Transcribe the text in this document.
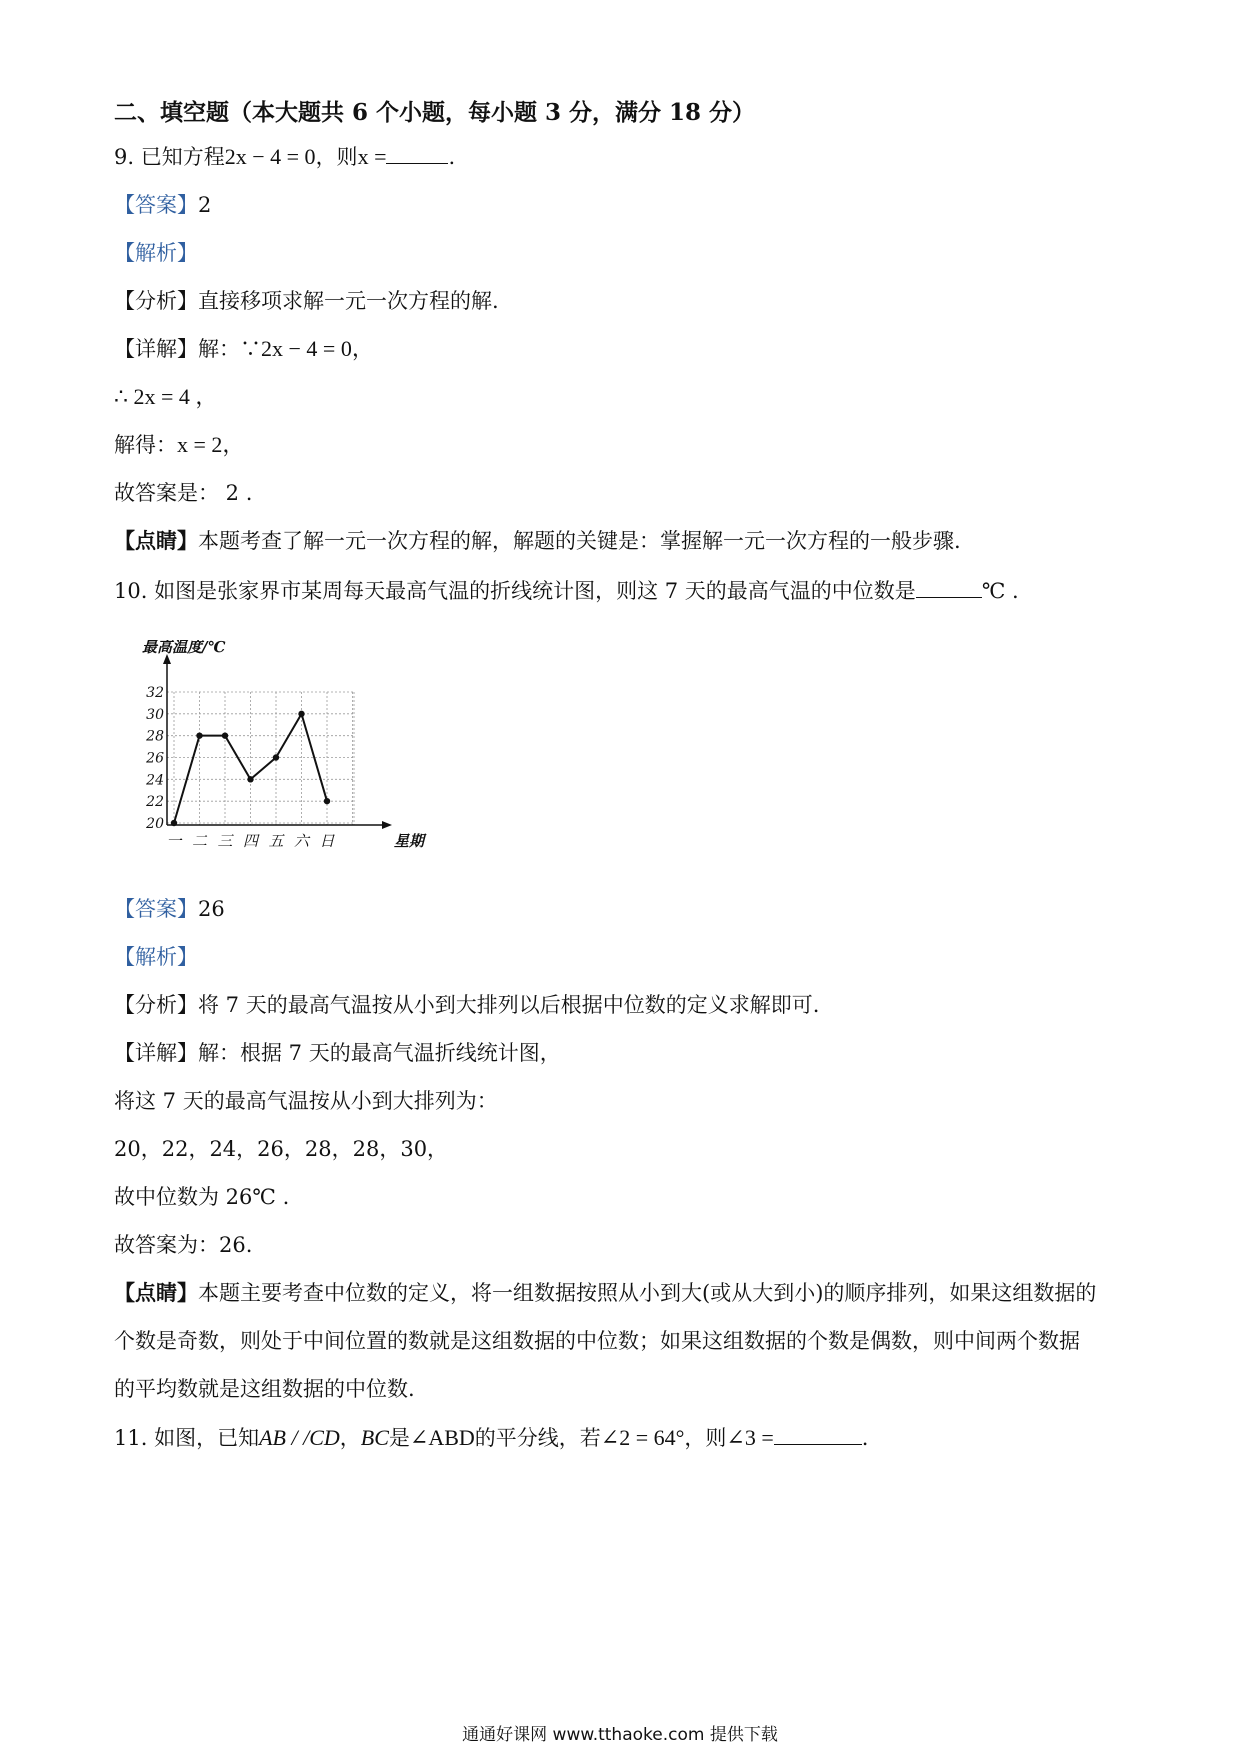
二、填空题（本大题共 6 个小题，每小题 3 分，满分 18 分）
9. 已知方程2x − 4 = 0，则x =	.
【答案】2
【解析】
【分析】直接移项求解一元一次方程的解.
【详解】解：∵2x − 4 = 0，
∴ 2x = 4 ，
解得：x = 2，
故答案是： 2 .
【点睛】本题考查了解一元一次方程的解，解题的关键是：掌握解一元一次方程的一般步骤.
10. 如图是张家界市某周每天最高气温的折线统计图，则这 7 天的最高气温的中位数是	℃ .
20
22
24
26
28
30
32
一 二 三 四 五 六 日
最高温度/℃
星期
【答案】26
【解析】
【分析】将 7 天的最高气温按从小到大排列以后根据中位数的定义求解即可.
【详解】解：根据 7 天的最高气温折线统计图，
将这 7 天的最高气温按从小到大排列为：
20，22，24，26，28，28，30，
故中位数为 26℃ .
故答案为：26.
【点睛】本题主要考查中位数的定义，将一组数据按照从小到大(或从大到小)的顺序排列，如果这组数据的
个数是奇数，则处于中间位置的数就是这组数据的中位数；如果这组数据的个数是偶数，则中间两个数据
的平均数就是这组数据的中位数.
11. 如图，已知AB / /CD，BC是∠ABD的平分线，若∠2 = 64°，则∠3 =	.
通通好课网 www.tthaoke.com 提供下载
